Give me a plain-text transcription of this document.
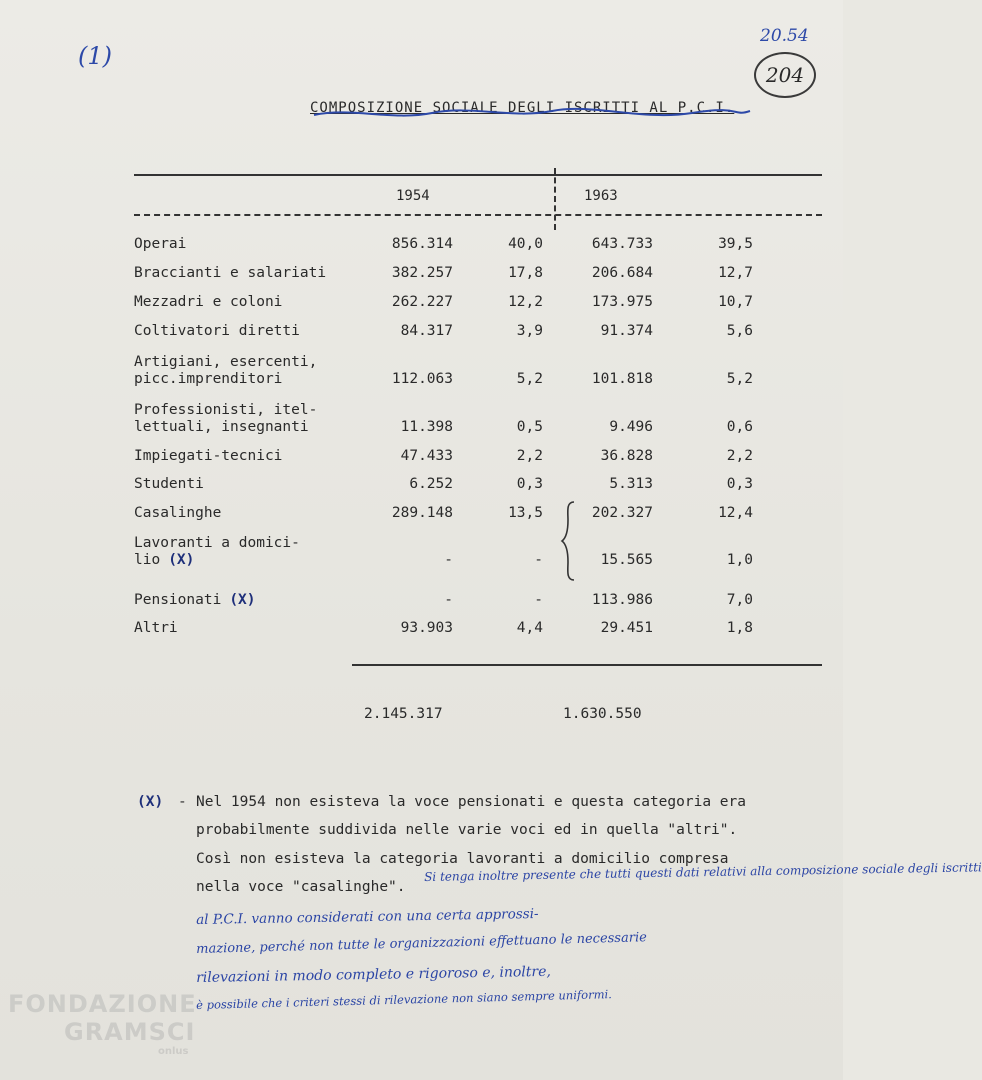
(1)
20.54
204
COMPOSIZIONE SOCIALE DEGLI ISCRITTI AL P.C.I.
1954	1963
Operai	856.314	40,0	643.733	39,5
Braccianti e salariati	382.257	17,8	206.684	12,7
Mezzadri e coloni	262.227	12,2	173.975	10,7
Coltivatori diretti	84.317	3,9	91.374	5,6
Artigiani, esercenti,
picc.imprenditori	112.063	5,2	101.818	5,2
Professionisti, itel-
lettuali, insegnanti	11.398	0,5	9.496	0,6
Impiegati-tecnici	47.433	2,2	36.828	2,2
Studenti	6.252	0,3	5.313	0,3
Casalinghe	289.148	13,5	202.327	12,4
Lavoranti a domici-
lio (X)	-	-	15.565	1,0
Pensionati (X)	-	-	113.986	7,0
Altri	93.903	4,4	29.451	1,8
2.145.317	1.630.550
(X) - Nel 1954 non esisteva la voce pensionati e questa categoria era
probabilmente suddivida nelle varie voci ed in quella "altri".
Così non esisteva la categoria lavoranti a domicilio compresa
nella voce "casalinghe".
Si tenga inoltre presente che tutti questi dati relativi alla composizione sociale degli iscritti
al P.C.I. vanno considerati con una certa approssi-
mazione, perché non tutte le organizzazioni effettuano le necessarie
rilevazioni in modo completo e rigoroso e, inoltre,
è possibile che i criteri stessi di rilevazione non siano sempre uniformi.
FONDAZIONE
GRAMSCI
onlus
